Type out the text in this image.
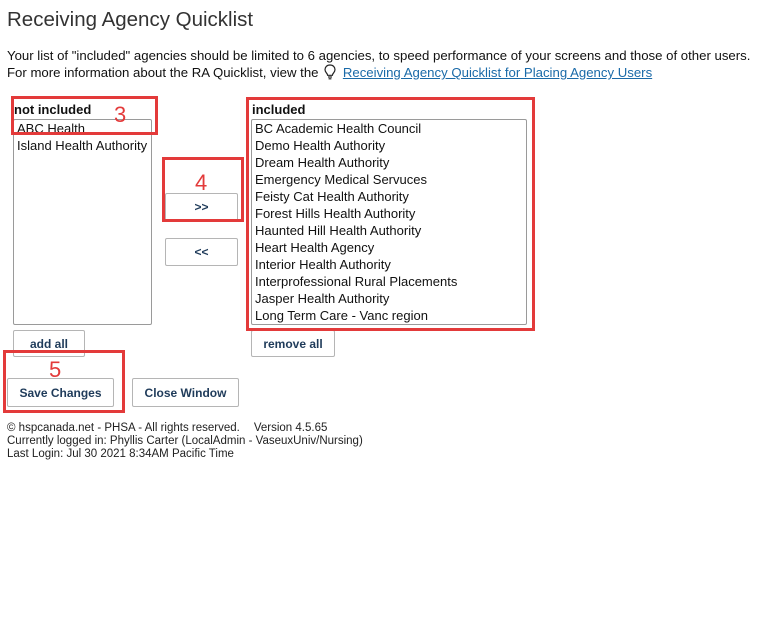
Receiving Agency Quicklist
Your list of "included" agencies should be limited to 6 agencies, to speed performance of your screens and those of other users.
For more information about the RA Quicklist, view the Receiving Agency Quicklist for Placing Agency Users
not included
ABC Health
Island Health Authority
>>
<<
included
BC Academic Health Council
Demo Health Authority
Dream Health Authority
Emergency Medical Servuces
Feisty Cat Health Authority
Forest Hills Health Authority
Haunted Hill Health Authority
Heart Health Agency
Interior Health Authority
Interprofessional Rural Placements
Jasper Health Authority
Long Term Care - Vanc region
add all	remove all
Save Changes	Close Window
© hspcanada.net - PHSA - All rights reserved. Version 4.5.65
Currently logged in: Phyllis Carter (LocalAdmin - VaseuxUniv/Nursing)
Last Login: Jul 30 2021 8:34AM Pacific Time
3
4
5
